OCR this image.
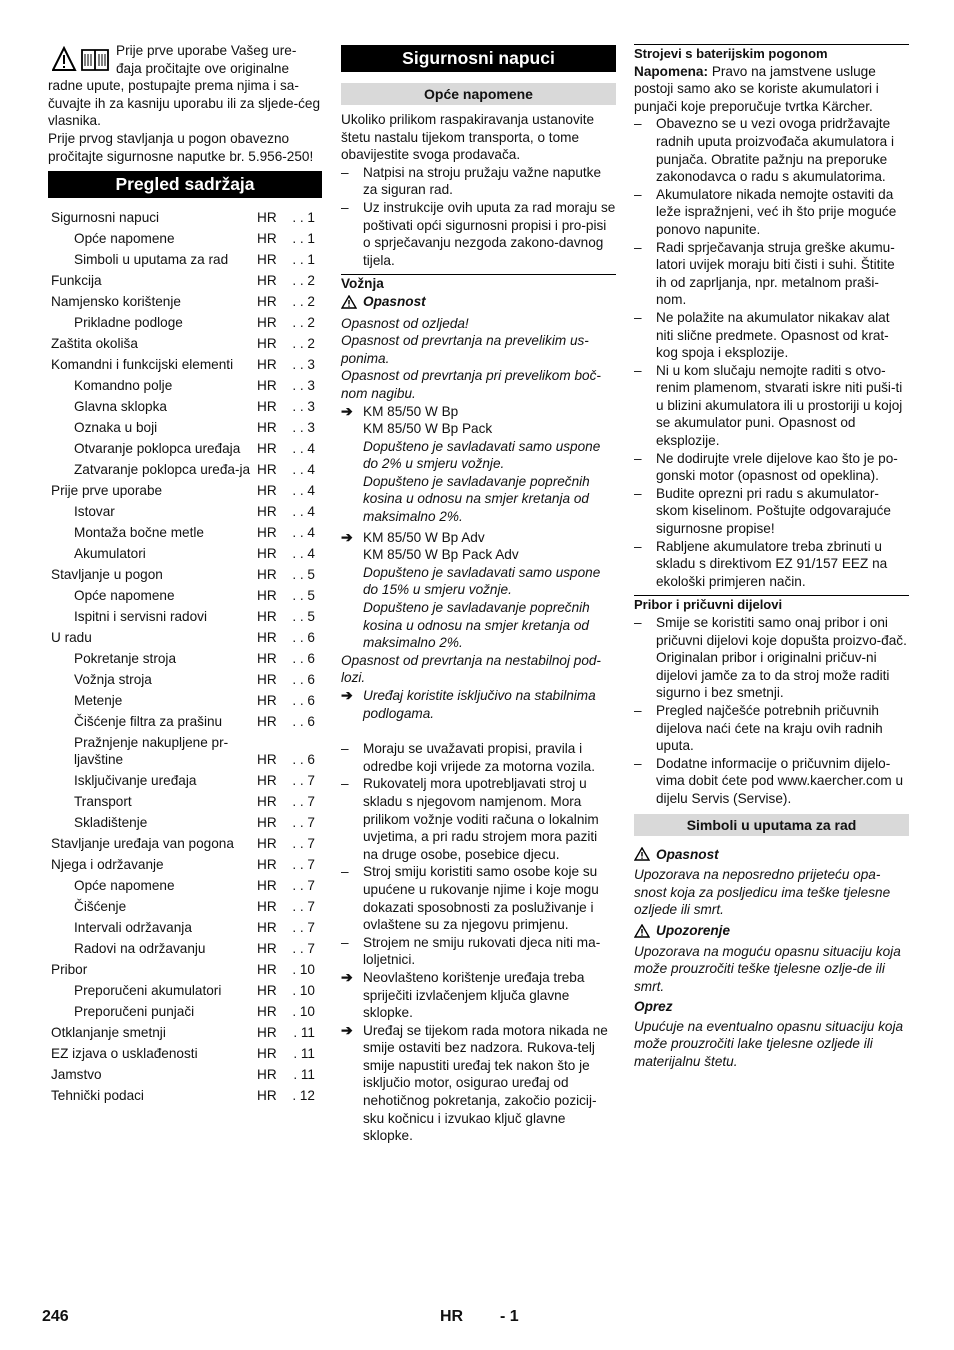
Prije prve uporabe Vašeg ure-

đaja pročitajte ove originalne

radne upute, postupajte prema njima i sa-čuvajte ih za kasniju uporabu ili za sljede-ćeg vlasnika.

Prije prvog stavljanja u pogon obavezno pročitajte sigurnosne naputke br. 5.956-250!

Pregled sadržaja
Sigurnosni napuci	HR	. . 1
Opće napomene	HR	. . 1
Simboli u uputama za rad	HR	. . 1
Funkcija	HR	. . 2
Namjensko korištenje	HR	. . 2
Prikladne podloge	HR	. . 2
Zaštita okoliša	HR	. . 2
Komandni i funkcijski elementi	HR	. . 3
Komandno polje	HR	. . 3
Glavna sklopka	HR	. . 3
Oznaka u boji	HR	. . 3
Otvaranje poklopca uređaja	HR	. . 4
Zatvaranje poklopca uređa-ja HR	. . 4
Prije prve uporabe	HR	. . 4
Istovar	HR	. . 4
Montaža bočne metle	HR	. . 4
Akumulatori	HR	. . 4
Stavljanje u pogon	HR	. . 5
Opće napomene	HR	. . 5
Ispitni i servisni radovi	HR	. . 5
U radu	HR	. . 6
Pokretanje stroja	HR	. . 6
Vožnja stroja	HR	. . 6
Metenje	HR	. . 6
Čišćenje filtra za prašinu	HR	. . 6
Pražnjenje nakupljene pr-ljavštine	HR	. . 6
Isključivanje uređaja	HR	. . 7
Transport	HR	. . 7
Skladištenje	HR	. . 7
Stavljanje uređaja van pogona	HR	. . 7
Njega i održavanje	HR	. . 7
Opće napomene	HR	. . 7
Čišćenje	HR	. . 7
Intervali održavanja	HR	. . 7
Radovi na održavanju	HR	. . 7
Pribor	HR	. 10
Preporučeni akumulatori	HR	. 10
Preporučeni punjači	HR	. 10
Otklanjanje smetnji	HR	. 11
EZ izjava o usklađenosti	HR	. 11
Jamstvo	HR	. 11
Tehnički podaci	HR	. 12
Sigurnosni napuci
Opće napomene

Ukoliko prilikom raspakiravanja ustanovite štetu nastalu tijekom transporta, o tome obavijestite svoga prodavača.

–	Natpisi na stroju pružaju važne naputke za siguran rad.
–	Uz instrukcije ovih uputa za rad moraju se poštivati opći sigurnosni propisi i pro-pisi o sprječavanju nezgoda zakono-davnog tijela.

Vožnja

Opasnost

Opasnost od ozljeda!

Opasnost od prevrtanja na prevelikim us-ponima.

Opasnost od prevrtanja pri prevelikom boč-nom nagibu.

➔ KM 85/50 W Bp

KM 85/50 W Bp Pack

Dopušteno je savladavati samo uspone do 2% u smjeru vožnje.

Dopušteno je savladavanje poprečnih kosina u odnosu na smjer kretanja od maksimalno 2%.

➔ KM 85/50 W Bp Adv

KM 85/50 W Bp Pack Adv

Dopušteno je savladavati samo uspone do 15% u smjeru vožnje.

Dopušteno je savladavanje poprečnih kosina u odnosu na smjer kretanja od maksimalno 2%.

Opasnost od prevrtanja na nestabilnoj pod-lozi.

➔ Uređaj koristite isključivo na stabilnima podlogama.
–	Moraju se uvažavati propisi, pravila i odredbe koji vrijede za motorna vozila.
–	Rukovatelj mora upotrebljavati stroj u skladu s njegovom namjenom. Mora prilikom vožnje voditi računa o lokalnim uvjetima, a pri radu strojem mora paziti na druge osobe, posebice djecu.
–	Stroj smiju koristiti samo osobe koje su upućene u rukovanje njime i koje mogu dokazati sposobnosti za posluživanje i ovlaštene su za njegovu primjenu.
–	Strojem ne smiju rukovati djeca niti ma-loljetnici.
➔ Neovlašteno korištenje uređaja treba spriječiti izvlačenjem ključa glavne sklopke.
➔ Uređaj se tijekom rada motora nikada ne smije ostaviti bez nadzora. Rukova-telj smije napustiti uređaj tek nakon što je isključio motor, osigurao uređaj od nehotičnog pokretanja, zakočio pozicij-sku kočnicu i izvukao ključ glavne sklopke.

Strojevi s baterijskim pogonom

Napomena: Pravo na jamstvene usluge postoji samo ako se koriste akumulatori i punjači koje preporučuje tvrtka Kärcher.

–	Obavezno se u vezi ovoga pridržavajte radnih uputa proizvođača akumulatora i punjača. Obratite pažnju na preporuke zakonodavca o radu s akumulatorima.
–	Akumulatore nikada nemojte ostaviti da leže ispražnjeni, već ih što prije moguće ponovo napunite.
–	Radi sprječavanja struja greške akumu-latori uvijek moraju biti čisti i suhi. Štitite ih od zaprljanja, npr. metalnom praši-nom.
–	Ne polažite na akumulator nikakav alat niti slične predmete. Opasnost od krat-kog spoja i eksplozije.
–	Ni u kom slučaju nemojte raditi s otvo-renim plamenom, stvarati iskre niti puši-ti u blizini akumulatora ili u prostoriji u kojoj se akumulator puni. Opasnost od eksplozije.
–	Ne dodirujte vrele dijelove kao što je po-gonski motor (opasnost od opeklina).
–	Budite oprezni pri radu s akumulator-skom kiselinom. Poštujte odgovarajuće sigurnosne propise!
–	Rabljene akumulatore treba zbrinuti u skladu s direktivom EZ 91/157 EEZ na ekološki primjeren način.

Pribor i pričuvni dijelovi

–	Smije se koristiti samo onaj pribor i oni pričuvni dijelovi koje dopušta proizvo-đač. Originalan pribor i originalni pričuv-ni dijelovi jamče za to da stroj može raditi sigurno i bez smetnji.
–	Pregled najčešće potrebnih pričuvnih dijelova naći ćete na kraju ovih radnih uputa.
–	Dodatne informacije o pričuvnim dijelo-vima dobit ćete pod www.kaercher.com u dijelu Servis (Servise).
Simboli u uputama za rad
Opasnost

Upozorava na neposredno prijeteću opa-snost koja za posljedicu ima teške tjelesne ozljede ili smrt.

Upozorenje

Upozorava na moguću opasnu situaciju koja može prouzročiti teške tjelesne ozlje-de ili smrt.

Oprez

Upućuje na eventualno opasnu situaciju koja može prouzročiti lake tjelesne ozljede ili materijalnu štetu.

246	HR - 1
